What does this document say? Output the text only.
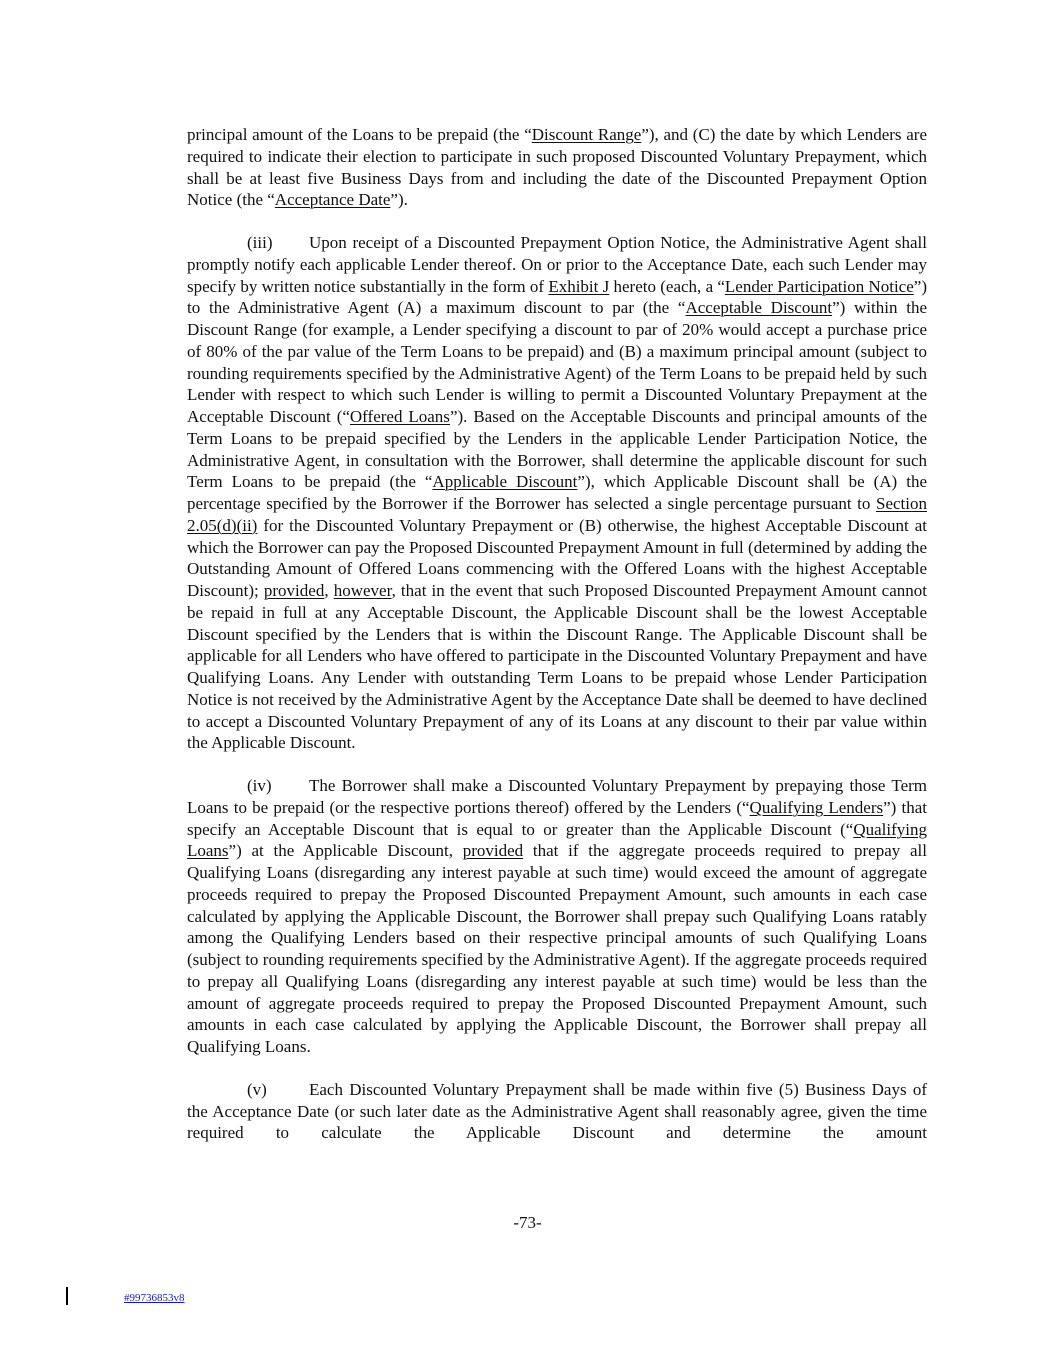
principal amount of the Loans to be prepaid (the “Discount Range”), and (C) the date by which Lenders are required to indicate their election to participate in such proposed Discounted Voluntary Prepayment, which shall be at least five Business Days from and including the date of the Discounted Prepayment Option Notice (the “Acceptance Date”).

(iii) Upon receipt of a Discounted Prepayment Option Notice, the Administrative Agent shall promptly notify each applicable Lender thereof. On or prior to the Acceptance Date, each such Lender may specify by written notice substantially in the form of Exhibit J hereto (each, a “Lender Participation Notice”) to the Administrative Agent (A) a maximum discount to par (the “Acceptable Discount”) within the Discount Range (for example, a Lender specifying a discount to par of 20% would accept a purchase price of 80% of the par value of the Term Loans to be prepaid) and (B) a maximum principal amount (subject to rounding requirements specified by the Administrative Agent) of the Term Loans to be prepaid held by such Lender with respect to which such Lender is willing to permit a Discounted Voluntary Prepayment at the Acceptable Discount (“Offered Loans”). Based on the Acceptable Discounts and principal amounts of the Term Loans to be prepaid specified by the Lenders in the applicable Lender Participation Notice, the Administrative Agent, in consultation with the Borrower, shall determine the applicable discount for such Term Loans to be prepaid (the “Applicable Discount”), which Applicable Discount shall be (A) the percentage specified by the Borrower if the Borrower has selected a single percentage pursuant to Section 2.05(d)(ii) for the Discounted Voluntary Prepayment or (B) otherwise, the highest Acceptable Discount at which the Borrower can pay the Proposed Discounted Prepayment Amount in full (determined by adding the Outstanding Amount of Offered Loans commencing with the Offered Loans with the highest Acceptable Discount); provided, however, that in the event that such Proposed Discounted Prepayment Amount cannot be repaid in full at any Acceptable Discount, the Applicable Discount shall be the lowest Acceptable Discount specified by the Lenders that is within the Discount Range. The Applicable Discount shall be applicable for all Lenders who have offered to participate in the Discounted Voluntary Prepayment and have Qualifying Loans. Any Lender with outstanding Term Loans to be prepaid whose Lender Participation Notice is not received by the Administrative Agent by the Acceptance Date shall be deemed to have declined to accept a Discounted Voluntary Prepayment of any of its Loans at any discount to their par value within the Applicable Discount.

(iv) The Borrower shall make a Discounted Voluntary Prepayment by prepaying those Term Loans to be prepaid (or the respective portions thereof) offered by the Lenders (“Qualifying Lenders”) that specify an Acceptable Discount that is equal to or greater than the Applicable Discount (“Qualifying Loans”) at the Applicable Discount, provided that if the aggregate proceeds required to prepay all Qualifying Loans (disregarding any interest payable at such time) would exceed the amount of aggregate proceeds required to prepay the Proposed Discounted Prepayment Amount, such amounts in each case calculated by applying the Applicable Discount, the Borrower shall prepay such Qualifying Loans ratably among the Qualifying Lenders based on their respective principal amounts of such Qualifying Loans (subject to rounding requirements specified by the Administrative Agent). If the aggregate proceeds required to prepay all Qualifying Loans (disregarding any interest payable at such time) would be less than the amount of aggregate proceeds required to prepay the Proposed Discounted Prepayment Amount, such amounts in each case calculated by applying the Applicable Discount, the Borrower shall prepay all Qualifying Loans.

(v) Each Discounted Voluntary Prepayment shall be made within five (5) Business Days of the Acceptance Date (or such later date as the Administrative Agent shall reasonably agree, given the time required to calculate the Applicable Discount and determine the amount

-73-
#99736853v8
